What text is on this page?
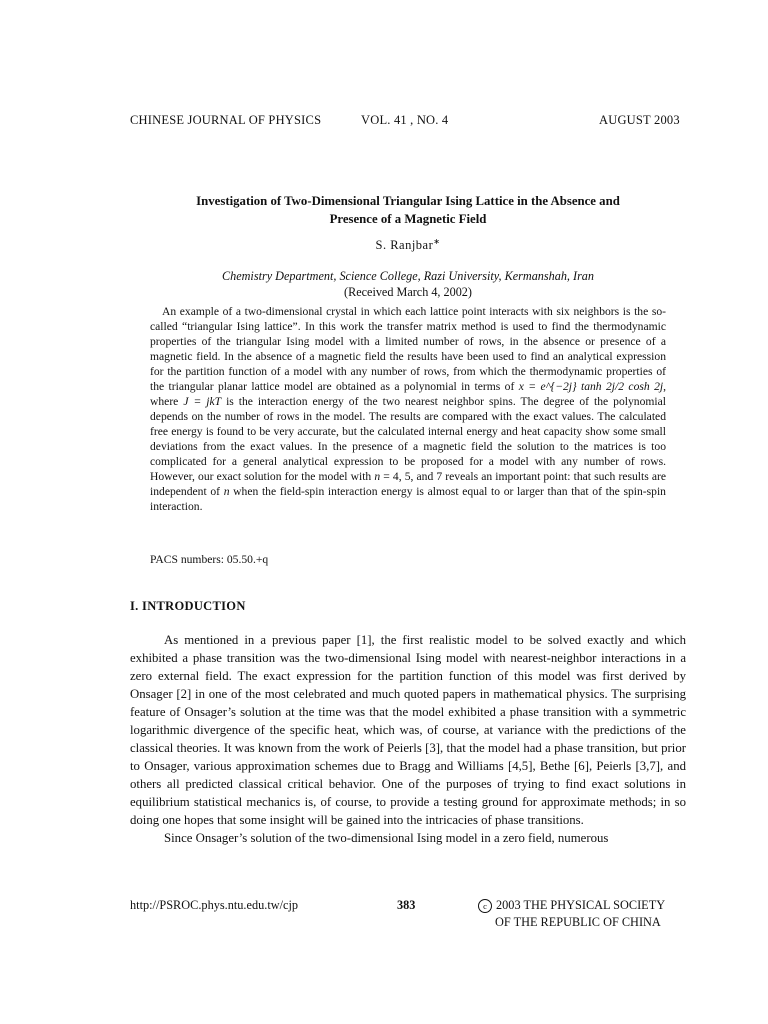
CHINESE JOURNAL OF PHYSICS	VOL. 41 , NO. 4	AUGUST 2003
Investigation of Two-Dimensional Triangular Ising Lattice in the Absence and
Presence of a Magnetic Field
S. Ranjbar∗
Chemistry Department, Science College, Razi University, Kermanshah, Iran
(Received March 4, 2002)
An example of a two-dimensional crystal in which each lattice point interacts with six neighbors is the so-called “triangular Ising lattice”. In this work the transfer matrix method is used to find the thermodynamic properties of the triangular Ising model with a limited number of rows, in the absence or presence of a magnetic field. In the absence of a magnetic field the results have been used to find an analytical expression for the partition function of a model with any number of rows, from which the thermodynamic properties of the triangular planar lattice model are obtained as a polynomial in terms of x = e^{−2j} tanh 2j/2 cosh 2j, where J = jkT is the interaction energy of the two nearest neighbor spins. The degree of the polynomial depends on the number of rows in the model. The results are compared with the exact values. The calculated free energy is found to be very accurate, but the calculated internal energy and heat capacity show some small deviations from the exact values. In the presence of a magnetic field the solution to the matrices is too complicated for a general analytical expression to be proposed for a model with any number of rows. However, our exact solution for the model with n = 4, 5, and 7 reveals an important point: that such results are independent of n when the field-spin interaction energy is almost equal to or larger than that of the spin-spin interaction.
PACS numbers: 05.50.+q
I. INTRODUCTION

As mentioned in a previous paper [1], the first realistic model to be solved exactly and which exhibited a phase transition was the two-dimensional Ising model with nearest-neighbor interactions in a zero external field. The exact expression for the partition function of this model was first derived by Onsager [2] in one of the most celebrated and much quoted papers in mathematical physics. The surprising feature of Onsager’s solution at the time was that the model exhibited a phase transition with a symmetric logarithmic divergence of the specific heat, which was, of course, at variance with the predictions of the classical theories. It was known from the work of Peierls [3], that the model had a phase transition, but prior to Onsager, various approximation schemes due to Bragg and Williams [4,5], Bethe [6], Peierls [3,7], and others all predicted classical critical behavior. One of the purposes of trying to find exact solutions in equilibrium statistical mechanics is, of course, to provide a testing ground for approximate methods; in so doing one hopes that some insight will be gained into the intricacies of phase transitions.

Since Onsager’s solution of the two-dimensional Ising model in a zero field, numerous

http://PSROC.phys.ntu.edu.tw/cjp	383	c 2003 THE PHYSICAL SOCIETY
OF THE REPUBLIC OF CHINA
